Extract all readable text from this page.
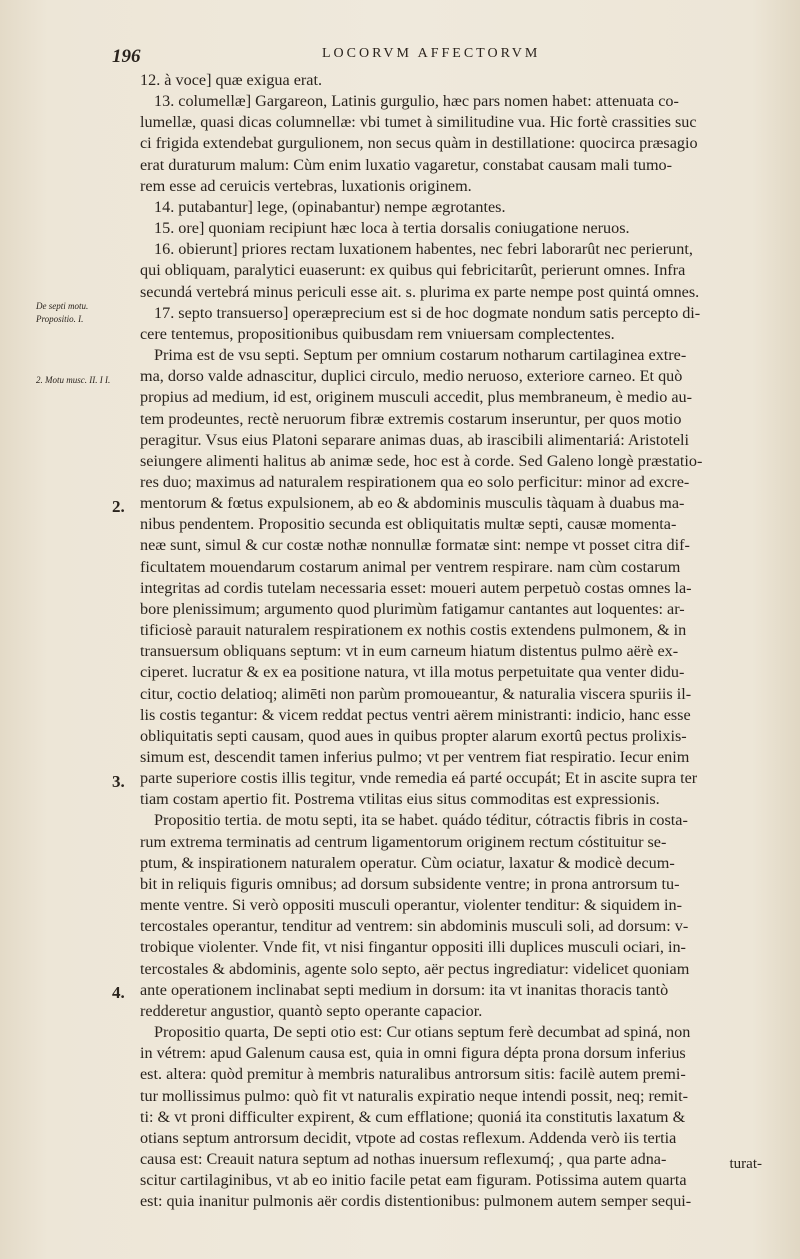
196	LOCORVM AFFECTORVM
De septi motu.
Propositio. I.
2. Motu musc. II. I I.
2.
3.
4.
12. à voce] quæ exigua erat.
13. columellæ] Gargareon, Latinis gurgulio, hæc pars nomen habet: attenuata co-
lumellæ, quasi dicas columnellæ: vbi tumet à similitudine vua. Hic fortè crassities suc
ci frigida extendebat gurgulionem, non secus quàm in destillatione: quocirca præsagio
erat duraturum malum: Cùm enim luxatio vagaretur, constabat causam mali tumo-
rem esse ad ceruicis vertebras, luxationis originem.
14. putabantur] lege, (opinabantur) nempe ægrotantes.
15. ore] quoniam recipiunt hæc loca à tertia dorsalis coniugatione neruos.
16. obierunt] priores rectam luxationem habentes, nec febri laborarût nec perierunt,
qui obliquam, paralytici euaserunt: ex quibus qui febricitarût, perierunt omnes. Infra
secundá vertebrá minus periculi esse ait. s. plurima ex parte nempe post quintá omnes.
17. septo transuerso] operæprecium est si de hoc dogmate nondum satis percepto di-
cere tentemus, propositionibus quibusdam rem vniuersam complectentes.
Prima est de vsu septi. Septum per omnium costarum notharum cartilaginea extre-
ma, dorso valde adnascitur, duplici circulo, medio neruoso, exteriore carneo. Et quò
propius ad medium, id est, originem musculi accedit, plus membraneum, è medio au-
tem prodeuntes, rectè neruorum fibræ extremis costarum inseruntur, per quos motio
peragitur. Vsus eius Platoni separare animas duas, ab irascibili alimentariá: Aristoteli
seiungere alimenti halitus ab animæ sede, hoc est à corde. Sed Galeno longè præstatio-
res duo; maximus ad naturalem respirationem qua eo solo perficitur: minor ad excre-
mentorum & fœtus expulsionem, ab eo & abdominis musculis tàquam à duabus ma-
nibus pendentem. Propositio secunda est obliquitatis multæ septi, causæ momenta-
neæ sunt, simul & cur costæ nothæ nonnullæ formatæ sint: nempe vt posset citra dif-
ficultatem mouendarum costarum animal per ventrem respirare. nam cùm costarum
integritas ad cordis tutelam necessaria esset: moueri autem perpetuò costas omnes la-
bore plenissimum; argumento quod plurimùm fatigamur cantantes aut loquentes: ar-
tificiosè parauit naturalem respirationem ex nothis costis extendens pulmonem, & in
transuersum obliquans septum: vt in eum carneum hiatum distentus pulmo aërè ex-
ciperet. lucratur & ex ea positione natura, vt illa motus perpetuitate qua venter didu-
citur, coctio delatioq; alimēti non parùm promoueantur, & naturalia viscera spuriis il-
lis costis tegantur: & vicem reddat pectus ventri aërem ministranti: indicio, hanc esse
obliquitatis septi causam, quod aues in quibus propter alarum exortû pectus prolixis-
simum est, descendit tamen inferius pulmo; vt per ventrem fiat respiratio. Iecur enim
parte superiore costis illis tegitur, vnde remedia eá parté occupát; Et in ascite supra ter
tiam costam apertio fit. Postrema vtilitas eius situs commoditas est expressionis.
Propositio tertia. de motu septi, ita se habet. quádo téditur, cótractis fibris in costa-
rum extrema terminatis ad centrum ligamentorum originem rectum cóstituitur se-
ptum, & inspirationem naturalem operatur. Cùm ociatur, laxatur & modicè decum-
bit in reliquis figuris omnibus; ad dorsum subsidente ventre; in prona antrorsum tu-
mente ventre. Si verò oppositi musculi operantur, violenter tenditur: & siquidem in-
tercostales operantur, tenditur ad ventrem: sin abdominis musculi soli, ad dorsum: v-
trobique violenter. Vnde fit, vt nisi fingantur oppositi illi duplices musculi ociari, in-
tercostales & abdominis, agente solo septo, aër pectus ingrediatur: videlicet quoniam
ante operationem inclinabat septi medium in dorsum: ita vt inanitas thoracis tantò
redderetur angustior, quantò septo operante capacior.
Propositio quarta, De septi otio est: Cur otians septum ferè decumbat ad spiná, non
in vétrem: apud Galenum causa est, quia in omni figura dépta prona dorsum inferius
est. altera: quòd premitur à membris naturalibus antrorsum sitis: facilè autem premi-
tur mollissimus pulmo: quò fit vt naturalis expiratio neque intendi possit, neq; remit-
ti: & vt proni difficulter expirent, & cum efflatione; quoniá ita constitutis laxatum &
otians septum antrorsum decidit, vtpote ad costas reflexum. Addenda verò iis tertia
causa est: Creauit natura septum ad nothas inuersum reflexumq́; , qua parte adna-
scitur cartilaginibus, vt ab eo initio facile petat eam figuram. Potissima autem quarta
est: quia inanitur pulmonis aër cordis distentionibus: pulmonem autem semper sequi-
turat-
